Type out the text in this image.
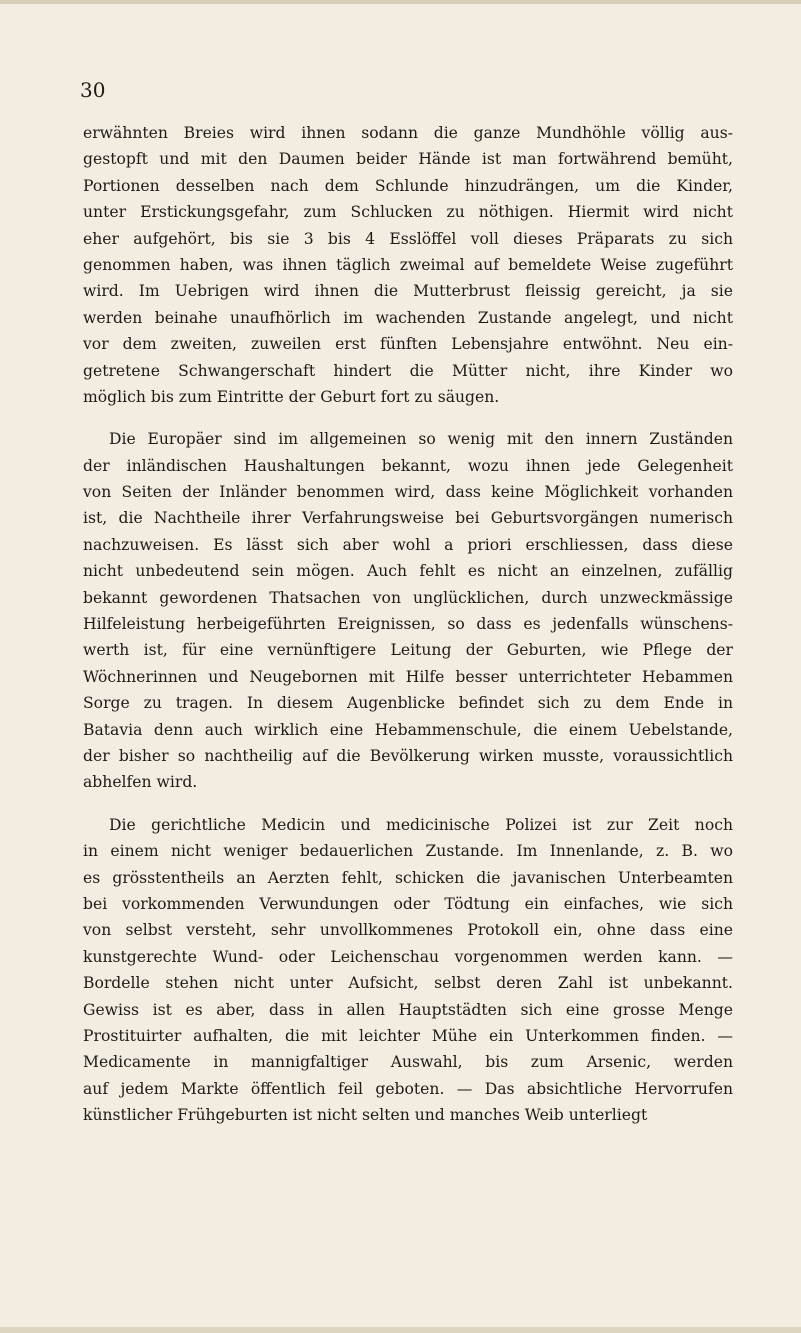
30
erwähnten Breies wird ihnen sodann die ganze Mundhöhle völlig aus-
gestopft und mit den Daumen beider Hände ist man fortwährend bemüht,
Portionen desselben nach dem Schlunde hinzudrängen, um die Kinder,
unter Erstickungsgefahr, zum Schlucken zu nöthigen. Hiermit wird nicht
eher aufgehört, bis sie 3 bis 4 Esslöffel voll dieses Präparats zu sich
genommen haben, was ihnen täglich zweimal auf bemeldete Weise zugeführt
wird. Im Uebrigen wird ihnen die Mutterbrust fleissig gereicht, ja sie
werden beinahe unaufhörlich im wachenden Zustande angelegt, und nicht
vor dem zweiten, zuweilen erst fünften Lebensjahre entwöhnt. Neu ein-
getretene Schwangerschaft hindert die Mütter nicht, ihre Kinder wo
möglich bis zum Eintritte der Geburt fort zu säugen.
Die Europäer sind im allgemeinen so wenig mit den innern Zuständen
der inländischen Haushaltungen bekannt, wozu ihnen jede Gelegenheit
von Seiten der Inländer benommen wird, dass keine Möglichkeit vorhanden
ist, die Nachtheile ihrer Verfahrungsweise bei Geburtsvorgängen numerisch
nachzuweisen. Es lässt sich aber wohl a priori erschliessen, dass diese
nicht unbedeutend sein mögen. Auch fehlt es nicht an einzelnen, zufällig
bekannt gewordenen Thatsachen von unglücklichen, durch unzweckmässige
Hilfeleistung herbeigeführten Ereignissen, so dass es jedenfalls wünschens-
werth ist, für eine vernünftigere Leitung der Geburten, wie Pflege der
Wöchnerinnen und Neugebornen mit Hilfe besser unterrichteter Hebammen
Sorge zu tragen. In diesem Augenblicke befindet sich zu dem Ende in
Batavia denn auch wirklich eine Hebammenschule, die einem Uebelstande,
der bisher so nachtheilig auf die Bevölkerung wirken musste, voraussichtlich
abhelfen wird.
Die gerichtliche Medicin und medicinische Polizei ist zur Zeit noch
in einem nicht weniger bedauerlichen Zustande. Im Innenlande, z. B. wo
es grösstentheils an Aerzten fehlt, schicken die javanischen Unterbeamten
bei vorkommenden Verwundungen oder Tödtung ein einfaches, wie sich
von selbst versteht, sehr unvollkommenes Protokoll ein, ohne dass eine
kunstgerechte Wund- oder Leichenschau vorgenommen werden kann. —
Bordelle stehen nicht unter Aufsicht, selbst deren Zahl ist unbekannt.
Gewiss ist es aber, dass in allen Hauptstädten sich eine grosse Menge
Prostituirter aufhalten, die mit leichter Mühe ein Unterkommen finden. —
Medicamente in mannigfaltiger Auswahl, bis zum Arsenic, werden
auf jedem Markte öffentlich feil geboten. — Das absichtliche Hervorrufen
künstlicher Frühgeburten ist nicht selten und manches Weib unterliegt
